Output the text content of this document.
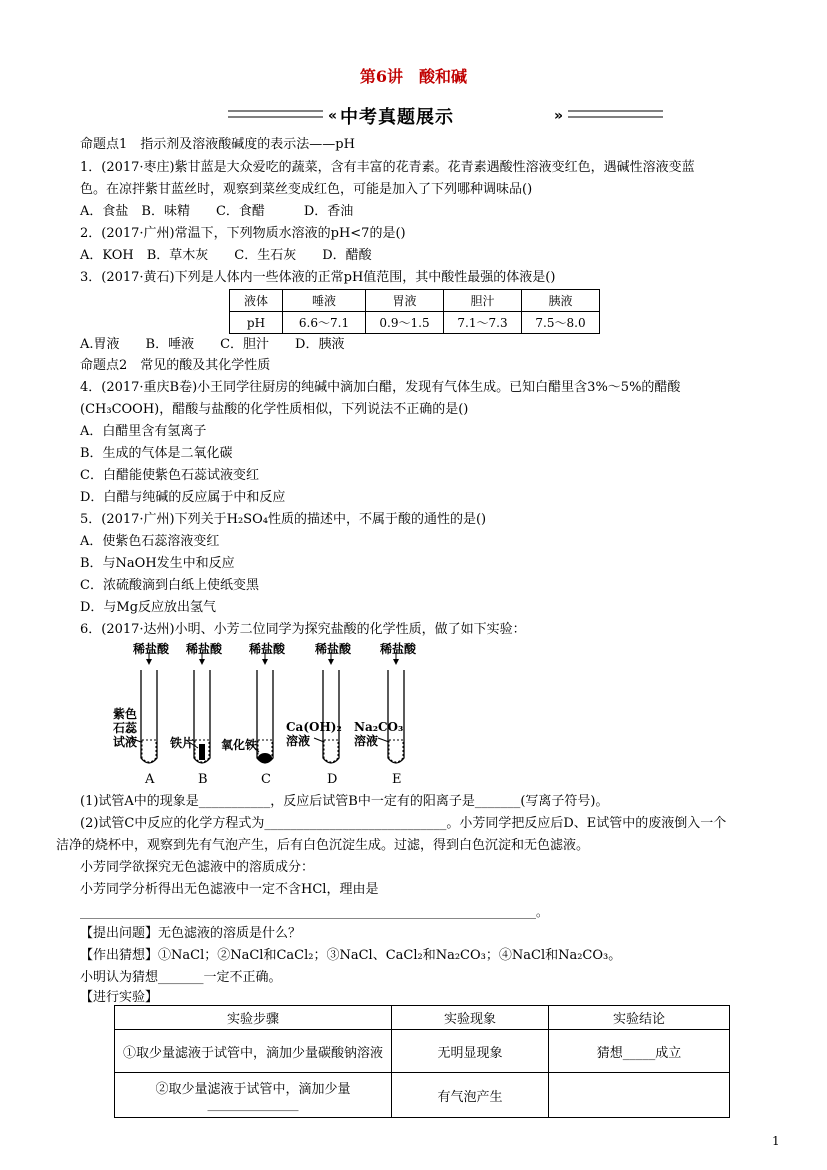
第6讲　酸和碱
«	»
中考真题展示
命题点1　指示剂及溶液酸碱度的表示法——pH
1．(2017·枣庄)紫甘蓝是大众爱吃的蔬菜，含有丰富的花青素。花青素遇酸性溶液变红色，遇碱性溶液变蓝
色。在凉拌紫甘蓝丝时，观察到菜丝变成红色，可能是加入了下列哪种调味品()
A．食盐　B．味精　　C．食醋　　　D．香油
2．(2017·广州)常温下，下列物质水溶液的pH<7的是()
A．KOH　B．草木灰　　C．生石灰　　D．醋酸
3．(2017·黄石)下列是人体内一些体液的正常pH值范围，其中酸性最强的体液是()
液体	唾液	胃液	胆汁	胰液
pH	6.6～7.1	0.9～1.5	7.1～7.3	7.5～8.0
A.胃液　　B．唾液　　C．胆汁　　D．胰液
命题点2　常见的酸及其化学性质
4．(2017·重庆B卷)小王同学往厨房的纯碱中滴加白醋，发现有气体生成。已知白醋里含3%～5%的醋酸
(CH₃COOH)，醋酸与盐酸的化学性质相似，下列说法不正确的是()
A．白醋里含有氢离子
B．生成的气体是二氧化碳
C．白醋能使紫色石蕊试液变红
D．白醋与纯碱的反应属于中和反应
5．(2017·广州)下列关于H₂SO₄性质的描述中，不属于酸的通性的是()
A．使紫色石蕊溶液变红
B．与NaOH发生中和反应
C．浓硫酸滴到白纸上使纸变黑
D．与Mg反应放出氢气
6．(2017·达州)小明、小芳二位同学为探究盐酸的化学性质，做了如下实验：
稀盐酸 稀盐酸 稀盐酸 稀盐酸 稀盐酸
紫色
石蕊
试液	铁片 氧化铁
Ca(OH)₂
溶液
Na₂CO₃
溶液
A	B	C	D	E
(1)试管A中的现象是___________，反应后试管B中一定有的阳离子是_______(写离子符号)。
(2)试管C中反应的化学方程式为____________________________。小芳同学把反应后D、E试管中的废液倒入一个
洁净的烧杯中，观察到先有气泡产生，后有白色沉淀生成。过滤，得到白色沉淀和无色滤液。
小芳同学欲探究无色滤液中的溶质成分：
小芳同学分析得出无色滤液中一定不含HCl，理由是
____________________________________________________________________________。
【提出问题】无色滤液的溶质是什么？
【作出猜想】①NaCl；②NaCl和CaCl₂；③NaCl、CaCl₂和Na₂CO₃；④NaCl和Na₂CO₃。
小明认为猜想_______一定不正确。
【进行实验】
实验步骤	实验现象	实验结论
①取少量滤液于试管中，滴加少量碳酸钠溶液	无明显现象	猜想_____成立
②取少量滤液于试管中，滴加少量______________	有气泡产生	
1
